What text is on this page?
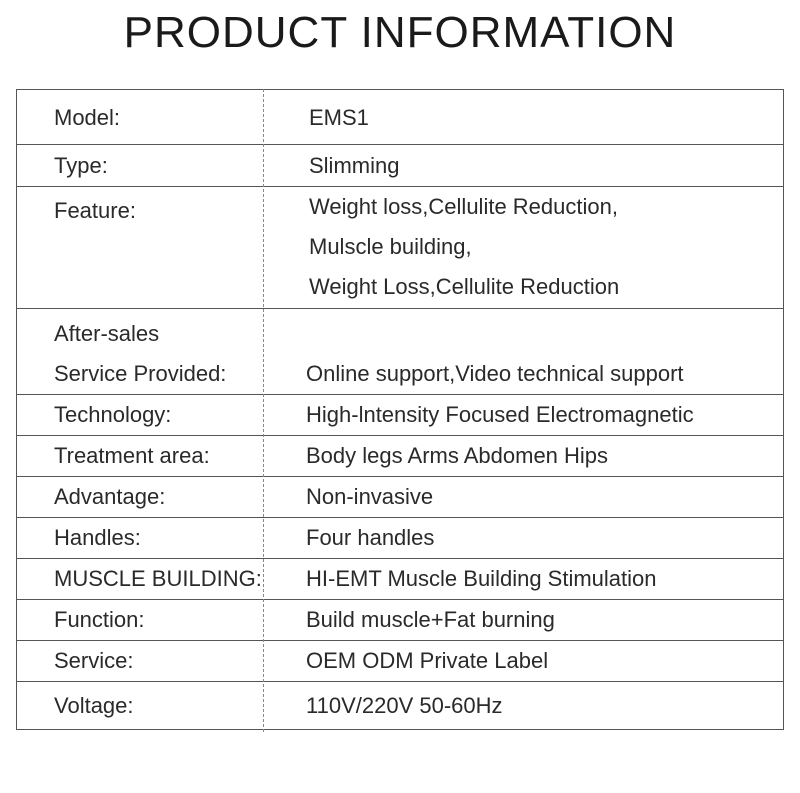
PRODUCT INFORMATION
Model:	EMS1
Type:	Slimming
Feature:	Weight loss,Cellulite Reduction,
Mulscle building,
Weight Loss,Cellulite Reduction
After-sales
Service Provided:	Online support,Video technical support
Technology:	High-lntensity Focused Electromagnetic
Treatment area:	Body legs Arms Abdomen Hips
Advantage:	Non-invasive
Handles:	Four handles
MUSCLE BUILDING:	HI-EMT Muscle Building Stimulation
Function:	Build muscle+Fat burning
Service:	OEM ODM Private Label
Voltage:	110V/220V 50-60Hz
